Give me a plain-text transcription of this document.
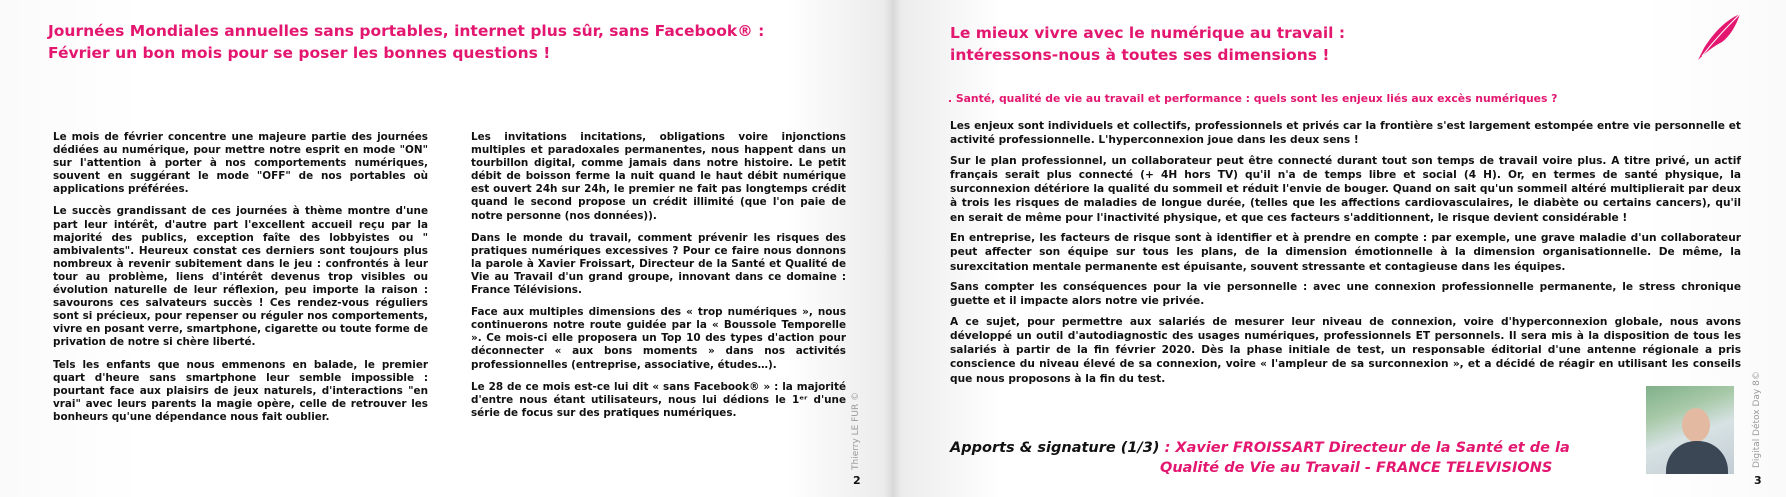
Journées Mondiales annuelles sans portables, internet plus sûr, sans Facebook® :
Février un bon mois pour se poser les bonnes questions !

Le mois de février concentre une majeure partie des journées dédiées au numérique, pour mettre notre esprit en mode "ON" sur l'attention à porter à nos comportements numériques, souvent en suggérant le mode "OFF" de nos portables où applications préférées.

Le succès grandissant de ces journées à thème montre d'une part leur intérêt, d'autre part l'excellent accueil reçu par la majorité des publics, exception faîte des lobbyistes ou " ambivalents". Heureux constat ces derniers sont toujours plus nombreux à revenir subitement dans le jeu : confrontés à leur tour au problème, liens d'intérêt devenus trop visibles ou évolution naturelle de leur réflexion, peu importe la raison : savourons ces salvateurs succès ! Ces rendez-vous réguliers sont si précieux, pour repenser ou réguler nos comportements, vivre en posant verre, smartphone, cigarette ou toute forme de privation de notre si chère liberté.

Tels les enfants que nous emmenons en balade, le premier quart d'heure sans smartphone leur semble impossible : pourtant face aux plaisirs de jeux naturels, d'interactions "en vrai" avec leurs parents la magie opère, celle de retrouver les bonheurs qu'une dépendance nous fait oublier.

Les invitations incitations, obligations voire injonctions multiples et paradoxales permanentes, nous happent dans un tourbillon digital, comme jamais dans notre histoire. Le petit débit de boisson ferme la nuit quand le haut débit numérique est ouvert 24h sur 24h, le premier ne fait pas longtemps crédit quand le second propose un crédit illimité (que l'on paie de notre personne (nos données)).

Dans le monde du travail, comment prévenir les risques des pratiques numériques excessives ? Pour ce faire nous donnons la parole à Xavier Froissart, Directeur de la Santé et Qualité de Vie au Travail d'un grand groupe, innovant dans ce domaine : France Télévisions.

Face aux multiples dimensions des « trop numériques », nous continuerons notre route guidée par la « Boussole Temporelle ». Ce mois-ci elle proposera un Top 10 des types d'action pour déconnecter « aux bons moments » dans nos activités professionnelles (entreprise, associative, études…).

Le 28 de ce mois est-ce lui dit « sans Facebook® » : la majorité d'entre nous étant utilisateurs, nous lui dédions le 1ᵉʳ d'une série de focus sur des pratiques numériques.	Thierry LE FUR ©
2
Le mieux vivre avec le numérique au travail :
intéressons-nous à toutes ses dimensions !
. Santé, qualité de vie au travail et performance : quels sont les enjeux liés aux excès numériques ?

Les enjeux sont individuels et collectifs, professionnels et privés car la frontière s'est largement estompée entre vie personnelle et activité professionnelle. L'hyperconnexion joue dans les deux sens !

Sur le plan professionnel, un collaborateur peut être connecté durant tout son temps de travail voire plus. A titre privé, un actif français serait plus connecté (+ 4H hors TV) qu'il n'a de temps libre et social (4 H). Or, en termes de santé physique, la surconnexion détériore la qualité du sommeil et réduit l'envie de bouger. Quand on sait qu'un sommeil altéré multiplierait par deux à trois les risques de maladies de longue durée, (telles que les affections cardiovasculaires, le diabète ou certains cancers), qu'il en serait de même pour l'inactivité physique, et que ces facteurs s'additionnent, le risque devient considérable !

En entreprise, les facteurs de risque sont à identifier et à prendre en compte : par exemple, une grave maladie d'un collaborateur peut affecter son équipe sur tous les plans, de la dimension émotionnelle à la dimension organisationnelle. De même, la surexcitation mentale permanente est épuisante, souvent stressante et contagieuse dans les équipes.

Sans compter les conséquences pour la vie personnelle : avec une connexion professionnelle permanente, le stress chronique guette et il impacte alors notre vie privée.

A ce sujet, pour permettre aux salariés de mesurer leur niveau de connexion, voire d'hyperconnexion globale, nous avons développé un outil d'autodiagnostic des usages numériques, professionnels ET personnels. Il sera mis à la disposition de tous les salariés à partir de la fin février 2020. Dès la phase initiale de test, un responsable éditorial d'une antenne régionale a pris conscience du niveau élevé de sa connexion, voire « l'ampleur de sa surconnexion », et a décidé de réagir en utilisant les conseils que nous proposons à la fin du test.

Apports & signature (1/3) : Xavier FROISSART Directeur de la Santé et de la
Qualité de Vie au Travail - FRANCE TELEVISIONS	Digital Détox Day 8©
3
